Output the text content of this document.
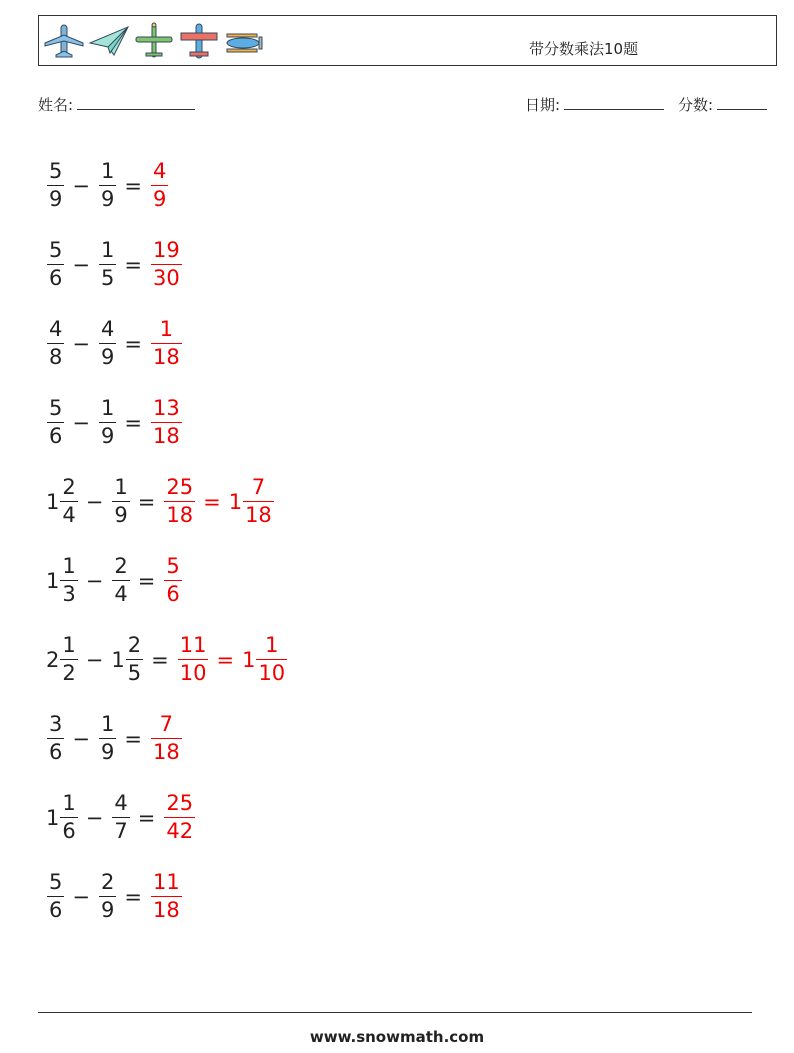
带分数乘法10题
姓名:	日期:	分数:
$\frac{5}{9} - \frac{1}{9} = \frac{4}{9}$
$\frac{5}{6} - \frac{1}{5} = \frac{19}{30}$
$\frac{4}{8} - \frac{4}{9} = \frac{1}{18}$
$\frac{5}{6} - \frac{1}{9} = \frac{13}{18}$
$1 \frac{2}{4} - \frac{1}{9} = \frac{25}{18} = 1 \frac{7}{18}$
$1 \frac{1}{3} - \frac{2}{4} = \frac{5}{6}$
$2 \frac{1}{2} - 1 \frac{2}{5} = \frac{11}{10} = 1 \frac{1}{10}$
$\frac{3}{6} - \frac{1}{9} = \frac{7}{18}$
$1 \frac{1}{6} - \frac{4}{7} = \frac{25}{42}$
$\frac{5}{6} - \frac{2}{9} = \frac{11}{18}$
www.snowmath.com
